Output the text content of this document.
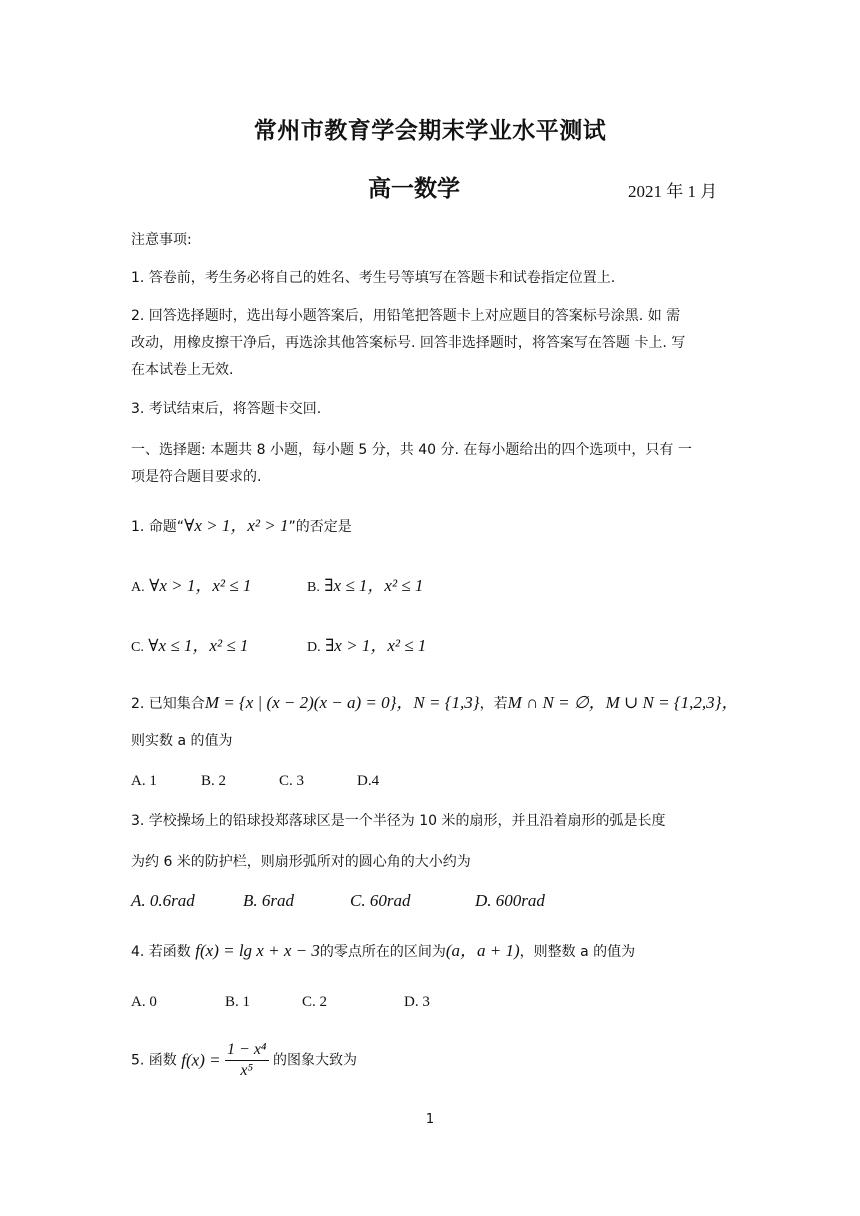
常州市教育学会期末学业水平测试
高一数学	2021 年 1 月
注意事项:
1. 答卷前，考生务必将自己的姓名、考生号等填写在答题卡和试卷指定位置上.
2. 回答选择题时，选出每小题答案后，用铅笔把答题卡上对应题目的答案标号涂黑. 如 需
改动，用橡皮擦干净后，再选涂其他答案标号. 回答非选择题时，将答案写在答题 卡上. 写
在本试卷上无效.
3. 考试结束后，将答题卡交回.
一、选择题: 本题共 8 小题，每小题 5 分，共 40 分. 在每小题给出的四个选项中，只有 一
项是符合题目要求的.
1. 命题“∀x > 1，x² > 1”的否定是
A. ∀x > 1，x² ≤ 1	B. ∃x ≤ 1，x² ≤ 1
C. ∀x ≤ 1，x² ≤ 1	D. ∃x > 1，x² ≤ 1
2. 已知集合M = {x | (x − 2)(x − a) = 0}，N = {1,3}，若M ∩ N = ∅，M ∪ N = {1,2,3}，
则实数 a 的值为
A. 1	B. 2	C. 3	D.4
3. 学校操场上的铅球投郑落球区是一个半径为 10 米的扇形，并且沿着扇形的弧是长度
为约 6 米的防护栏，则扇形弧所对的圆心角的大小约为
A. 0.6rad	B. 6rad	C. 60rad	D. 600rad
4. 若函数 f(x) = lg x + x − 3的零点所在的区间为(a，a + 1)，则整数 a 的值为
A. 0	B. 1	C. 2	D. 3
5. 函数 $f(x) = \frac{\text{1 − x⁴}}{\text{x⁵}}$ 的图象大致为
1
